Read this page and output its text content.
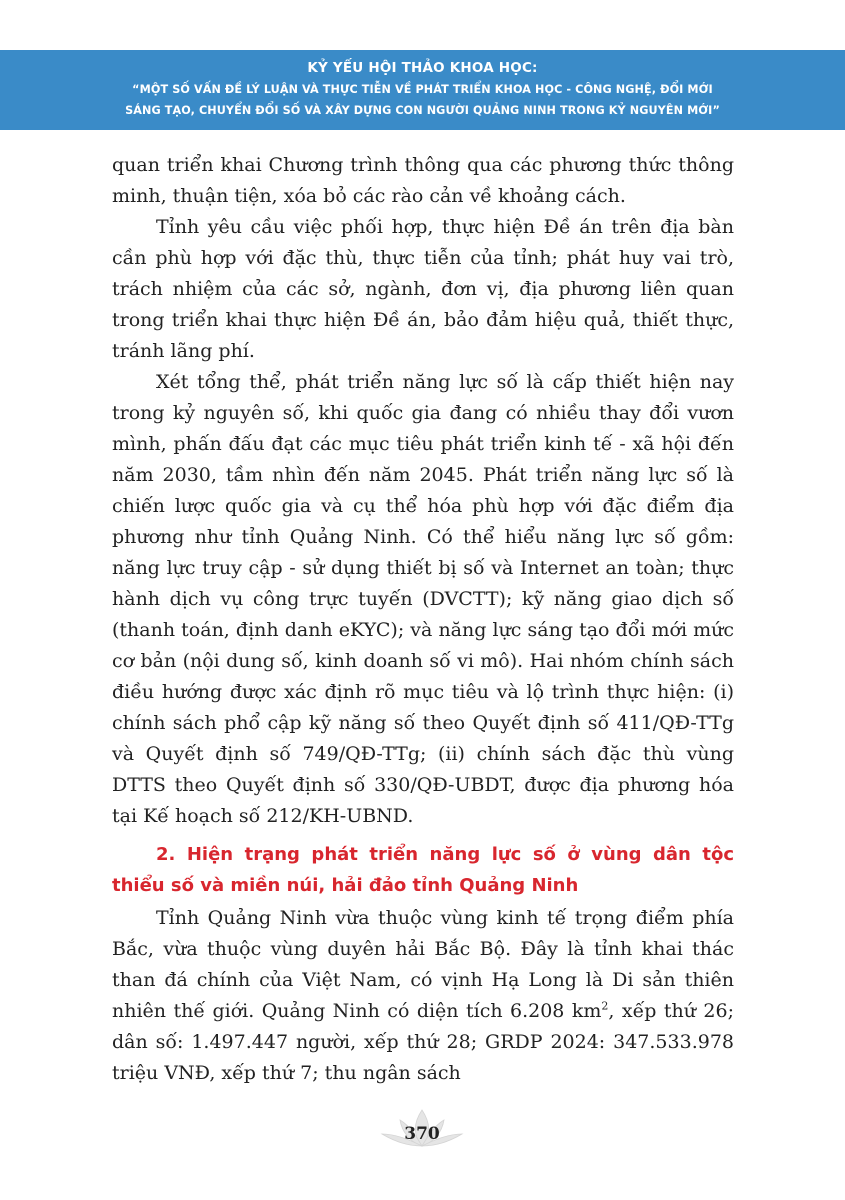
KỶ YẾU HỘI THẢO KHOA HỌC:
“MỘT SỐ VẤN ĐỀ LÝ LUẬN VÀ THỰC TIỄN VỀ PHÁT TRIỂN KHOA HỌC - CÔNG NGHỆ, ĐỔI MỚI
SÁNG TẠO, CHUYỂN ĐỔI SỐ VÀ XÂY DỰNG CON NGƯỜI QUẢNG NINH TRONG KỶ NGUYÊN MỚI”

quan triển khai Chương trình thông qua các phương thức thông minh, thuận tiện, xóa bỏ các rào cản về khoảng cách.

Tỉnh yêu cầu việc phối hợp, thực hiện Đề án trên địa bàn cần phù hợp với đặc thù, thực tiễn của tỉnh; phát huy vai trò, trách nhiệm của các sở, ngành, đơn vị, địa phương liên quan trong triển khai thực hiện Đề án, bảo đảm hiệu quả, thiết thực, tránh lãng phí.

Xét tổng thể, phát triển năng lực số là cấp thiết hiện nay trong kỷ nguyên số, khi quốc gia đang có nhiều thay đổi vươn mình, phấn đấu đạt các mục tiêu phát triển kinh tế - xã hội đến năm 2030, tầm nhìn đến năm 2045. Phát triển năng lực số là chiến lược quốc gia và cụ thể hóa phù hợp với đặc điểm địa phương như tỉnh Quảng Ninh. Có thể hiểu năng lực số gồm: năng lực truy cập - sử dụng thiết bị số và Internet an toàn; thực hành dịch vụ công trực tuyến (DVCTT); kỹ năng giao dịch số (thanh toán, định danh eKYC); và năng lực sáng tạo đổi mới mức cơ bản (nội dung số, kinh doanh số vi mô). Hai nhóm chính sách điều hướng được xác định rõ mục tiêu và lộ trình thực hiện: (i) chính sách phổ cập kỹ năng số theo Quyết định số 411/QĐ-TTg và Quyết định số 749/QĐ-TTg; (ii) chính sách đặc thù vùng DTTS theo Quyết định số 330/QĐ-UBDT, được địa phương hóa tại Kế hoạch số 212/KH-UBND.

2. Hiện trạng phát triển năng lực số ở vùng dân tộc thiểu số và miền núi, hải đảo tỉnh Quảng Ninh

Tỉnh Quảng Ninh vừa thuộc vùng kinh tế trọng điểm phía Bắc, vừa thuộc vùng duyên hải Bắc Bộ. Đây là tỉnh khai thác than đá chính của Việt Nam, có vịnh Hạ Long là Di sản thiên nhiên thế giới. Quảng Ninh có diện tích 6.208 $km^2$, xếp thứ 26; dân số: 1.497.447 người, xếp thứ 28; GRDP 2024: 347.533.978 triệu VNĐ, xếp thứ 7; thu ngân sách

370
